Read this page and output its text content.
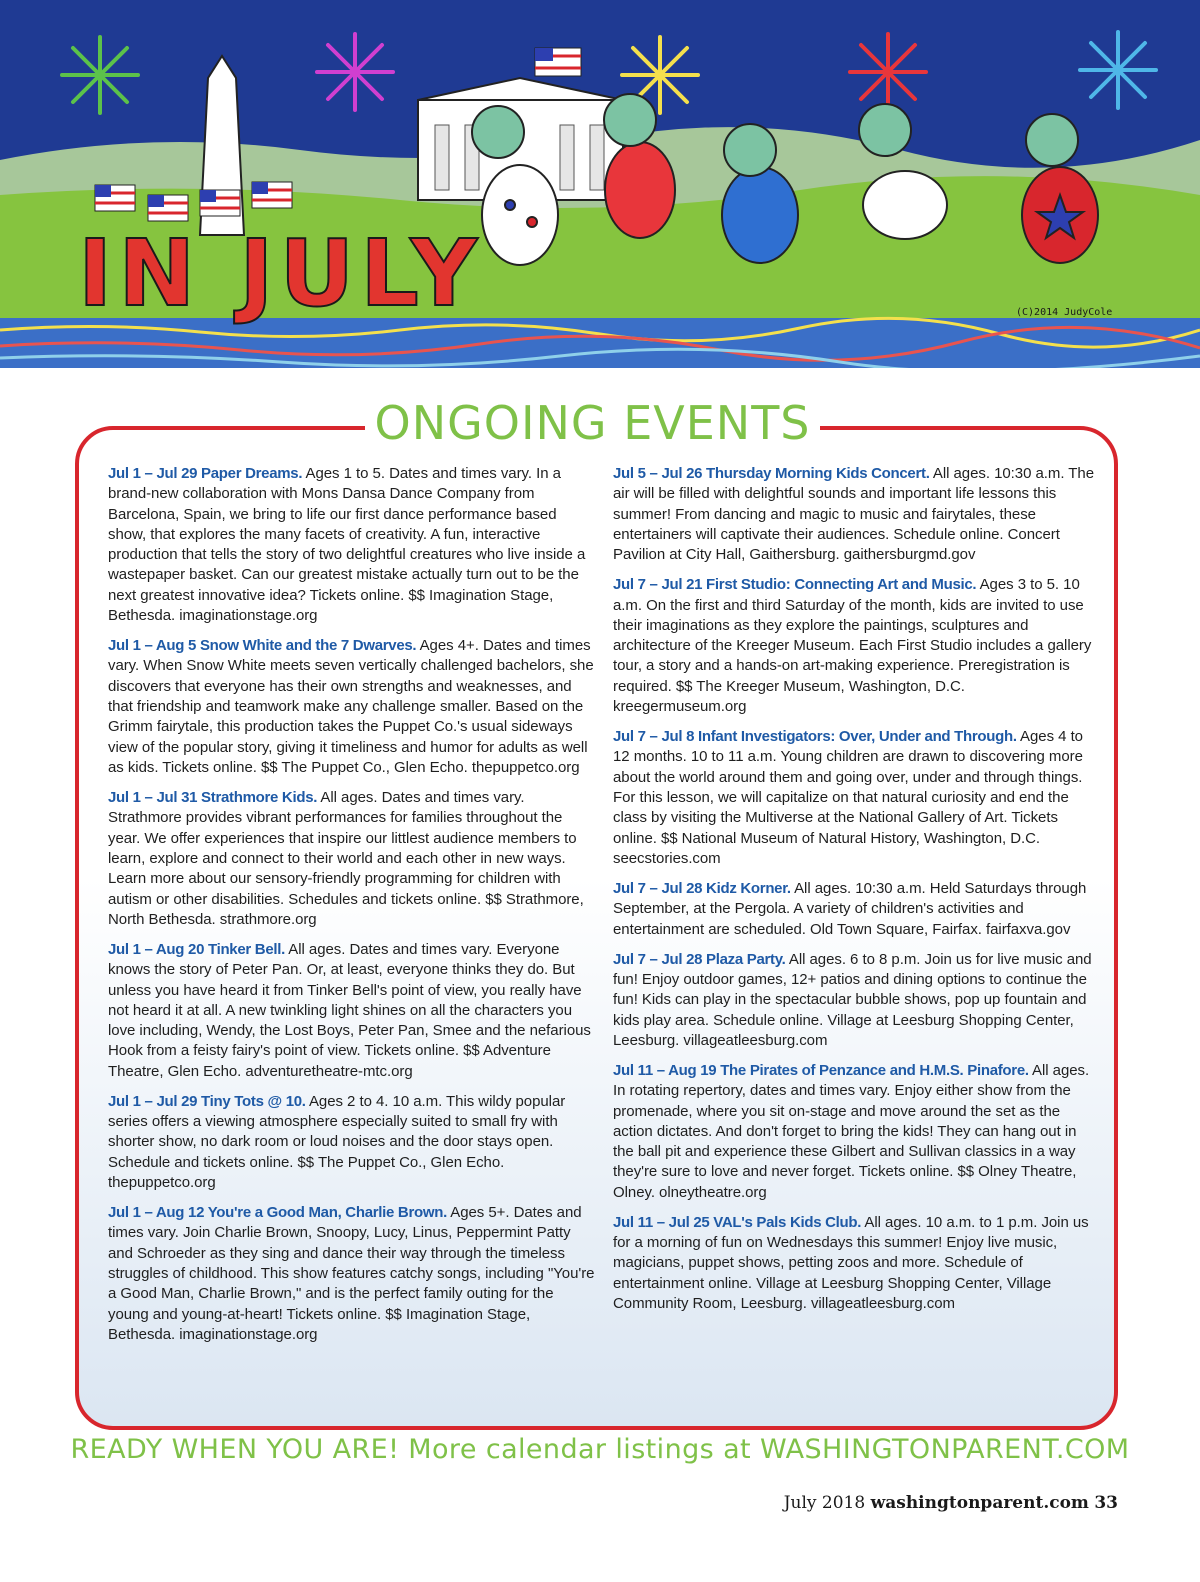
IN JULY	(C)2014 JudyCole
ONGOING EVENTS

Jul 1 – Jul 29 Paper Dreams. Ages 1 to 5. Dates and times vary. In a brand-new collaboration with Mons Dansa Dance Company from Barcelona, Spain, we bring to life our first dance performance based show, that explores the many facets of creativity. A fun, interactive production that tells the story of two delightful creatures who live inside a wastepaper basket. Can our greatest mistake actually turn out to be the next greatest innovative idea? Tickets online. $$ Imagination Stage, Bethesda. imaginationstage.org

Jul 1 – Aug 5 Snow White and the 7 Dwarves. Ages 4+. Dates and times vary. When Snow White meets seven vertically challenged bachelors, she discovers that everyone has their own strengths and weaknesses, and that friendship and teamwork make any challenge smaller. Based on the Grimm fairytale, this production takes the Puppet Co.'s usual sideways view of the popular story, giving it timeliness and humor for adults as well as kids. Tickets online. $$ The Puppet Co., Glen Echo. thepuppetco.org

Jul 1 – Jul 31 Strathmore Kids. All ages. Dates and times vary. Strathmore provides vibrant performances for families throughout the year. We offer experiences that inspire our littlest audience members to learn, explore and connect to their world and each other in new ways. Learn more about our sensory-friendly programming for children with autism or other disabilities. Schedules and tickets online. $$ Strathmore, North Bethesda. strathmore.org

Jul 1 – Aug 20 Tinker Bell. All ages. Dates and times vary. Everyone knows the story of Peter Pan. Or, at least, everyone thinks they do. But unless you have heard it from Tinker Bell's point of view, you really have not heard it at all. A new twinkling light shines on all the characters you love including, Wendy, the Lost Boys, Peter Pan, Smee and the nefarious Hook from a feisty fairy's point of view. Tickets online. $$ Adventure Theatre, Glen Echo. adventuretheatre-mtc.org

Jul 1 – Jul 29 Tiny Tots @ 10. Ages 2 to 4. 10 a.m. This wildy popular series offers a viewing atmosphere especially suited to small fry with shorter show, no dark room or loud noises and the door stays open. Schedule and tickets online. $$ The Puppet Co., Glen Echo. thepuppetco.org

Jul 1 – Aug 12 You're a Good Man, Charlie Brown. Ages 5+. Dates and times vary. Join Charlie Brown, Snoopy, Lucy, Linus, Peppermint Patty and Schroeder as they sing and dance their way through the timeless struggles of childhood. This show features catchy songs, including "You're a Good Man, Charlie Brown," and is the perfect family outing for the young and young-at-heart! Tickets online. $$ Imagination Stage, Bethesda. imaginationstage.org

Jul 5 – Jul 26 Thursday Morning Kids Concert. All ages. 10:30 a.m. The air will be filled with delightful sounds and important life lessons this summer! From dancing and magic to music and fairytales, these entertainers will captivate their audiences. Schedule online. Concert Pavilion at City Hall, Gaithersburg. gaithersburgmd.gov

Jul 7 – Jul 21 First Studio: Connecting Art and Music. Ages 3 to 5. 10 a.m. On the first and third Saturday of the month, kids are invited to use their imaginations as they explore the paintings, sculptures and architecture of the Kreeger Museum. Each First Studio includes a gallery tour, a story and a hands-on art-making experience. Preregistration is required. $$ The Kreeger Museum, Washington, D.C. kreegermuseum.org

Jul 7 – Jul 8 Infant Investigators: Over, Under and Through. Ages 4 to 12 months. 10 to 11 a.m. Young children are drawn to discovering more about the world around them and going over, under and through things. For this lesson, we will capitalize on that natural curiosity and end the class by visiting the Multiverse at the National Gallery of Art. Tickets online. $$ National Museum of Natural History, Washington, D.C. seecstories.com

Jul 7 – Jul 28 Kidz Korner. All ages. 10:30 a.m. Held Saturdays through September, at the Pergola. A variety of children's activities and entertainment are scheduled. Old Town Square, Fairfax. fairfaxva.gov

Jul 7 – Jul 28 Plaza Party. All ages. 6 to 8 p.m. Join us for live music and fun! Enjoy outdoor games, 12+ patios and dining options to continue the fun! Kids can play in the spectacular bubble shows, pop up fountain and kids play area. Schedule online. Village at Leesburg Shopping Center, Leesburg. villageatleesburg.com

Jul 11 – Aug 19 The Pirates of Penzance and H.M.S. Pinafore. All ages. In rotating repertory, dates and times vary. Enjoy either show from the promenade, where you sit on-stage and move around the set as the action dictates. And don't forget to bring the kids! They can hang out in the ball pit and experience these Gilbert and Sullivan classics in a way they're sure to love and never forget. Tickets online. $$ Olney Theatre, Olney. olneytheatre.org

Jul 11 – Jul 25 VAL's Pals Kids Club. All ages. 10 a.m. to 1 p.m. Join us for a morning of fun on Wednesdays this summer! Enjoy live music, magicians, puppet shows, petting zoos and more. Schedule of entertainment online. Village at Leesburg Shopping Center, Village Community Room, Leesburg. villageatleesburg.com

READY WHEN YOU ARE! More calendar listings at WASHINGTONPARENT.COM
July 2018 washingtonparent.com 33
